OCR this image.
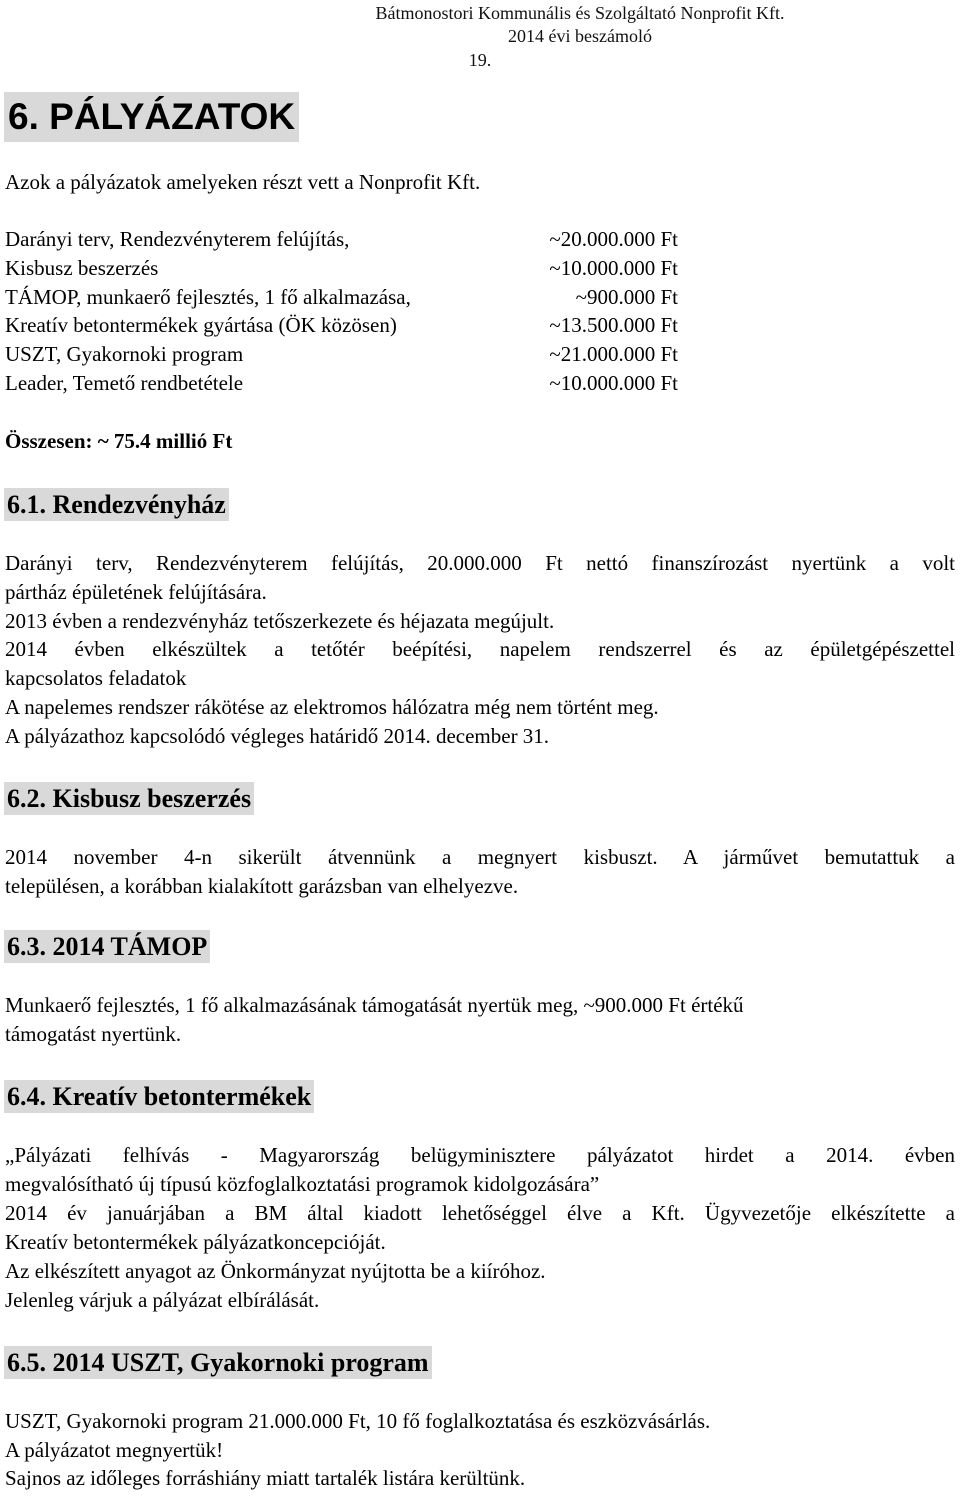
Bátmonostori Kommunális és Szolgáltató Nonprofit Kft.
2014 évi beszámoló
19.
6. PÁLYÁZATOK

Azok a pályázatok amelyeken részt vett a Nonprofit Kft.

Darányi terv, Rendezvényterem felújítás,	~20.000.000 Ft

Kisbusz beszerzés	~10.000.000 Ft

TÁMOP, munkaerő fejlesztés, 1 fő alkalmazása,	~900.000 Ft

Kreatív betontermékek gyártása (ÖK közösen)	~13.500.000 Ft

USZT, Gyakornoki program	~21.000.000 Ft

Leader, Temető rendbetétele	~10.000.000 Ft

Összesen: ~ 75.4 millió Ft

6.1. Rendezvényház

Darányi terv, Rendezvényterem felújítás, 20.000.000 Ft nettó finanszírozást nyertünk a volt

pártház épületének felújítására.

2013 évben a rendezvényház tetőszerkezete és héjazata megújult.

2014 évben elkészültek a tetőtér beépítési, napelem rendszerrel és az épületgépészettel

kapcsolatos feladatok

A napelemes rendszer rákötése az elektromos hálózatra még nem történt meg.

A pályázathoz kapcsolódó végleges határidő 2014. december 31.

6.2. Kisbusz beszerzés

2014 november 4-n sikerült átvennünk a megnyert kisbuszt. A járművet bemutattuk a

településen, a korábban kialakított garázsban van elhelyezve.

6.3. 2014 TÁMOP

Munkaerő fejlesztés, 1 fő alkalmazásának támogatását nyertük meg, ~900.000 Ft értékű

támogatást nyertünk.

6.4. Kreatív betontermékek

„Pályázati felhívás - Magyarország belügyminisztere pályázatot hirdet a 2014. évben

megvalósítható új típusú közfoglalkoztatási programok kidolgozására”

2014 év januárjában a BM által kiadott lehetőséggel élve a Kft. Ügyvezetője elkészítette a

Kreatív betontermékek pályázatkoncepcióját.

Az elkészített anyagot az Önkormányzat nyújtotta be a kiíróhoz.

Jelenleg várjuk a pályázat elbírálását.

6.5. 2014 USZT, Gyakornoki program

USZT, Gyakornoki program 21.000.000 Ft, 10 fő foglalkoztatása és eszközvásárlás.

A pályázatot megnyertük!

Sajnos az időleges forráshiány miatt tartalék listára kerültünk.
